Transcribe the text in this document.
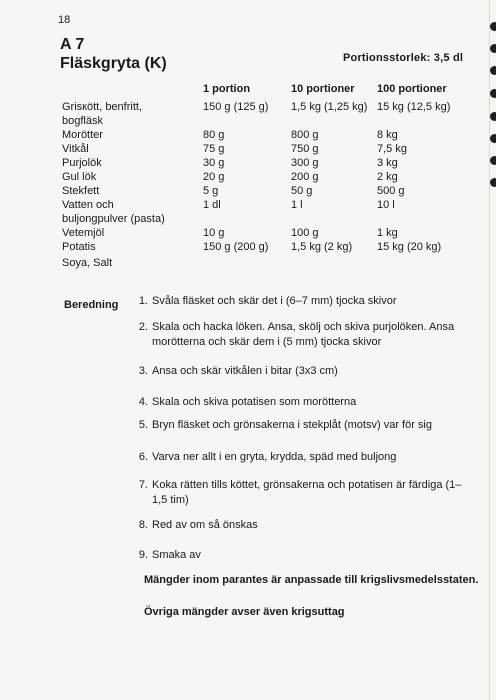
18
A 7
Fläskgryta (K)	Portionsstorlek: 3,5 dl
1 portion	10 portioner 100 portioner
Grisкött, benfritt,	150 g (125 g) 1,5 kg (1,25 kg) 15 kg (12,5 kg)
bogfläsk
Morötter	80 g	800 g	8 kg
Vitkål	75 g	750 g	7,5 kg
Purjolök	30 g	300 g	3 kg
Gul lök	20 g	200 g	2 kg
Stekfett	5 g	50 g	500 g
Vatten och	1 dl	1 l	10 l
buljongpulver (pasta)
Vetemjöl	10 g	100 g	1 kg
Potatis	150 g (200 g) 1,5 kg (2 kg) 15 kg (20 kg)
Soya, Salt
Beredning	1. Svåla fläsket och skär det i (6–7 mm) tjocka skivor
2. Skala och hacka löken. Ansa, skölj och skiva purjolöken. Ansa morötterna och skär dem i (5 mm) tjocka skivor
3. Ansa och skär vitkålen i bitar (3x3 cm)
4. Skala och skiva potatisen som morötterna
5. Bryn fläsket och grönsakerna i stekplåt (motsv) var för sig
6. Varva ner allt i en gryta, krydda, späd med buljong
7. Koka rätten tills köttet, grönsakerna och potatisen är färdiga (1–1,5 tim)
8. Red av om så önskas
9. Smaka av
Mängder inom parantes är anpassade till krigslivsmedelsstaten.
Övriga mängder avser även krigsuttag
